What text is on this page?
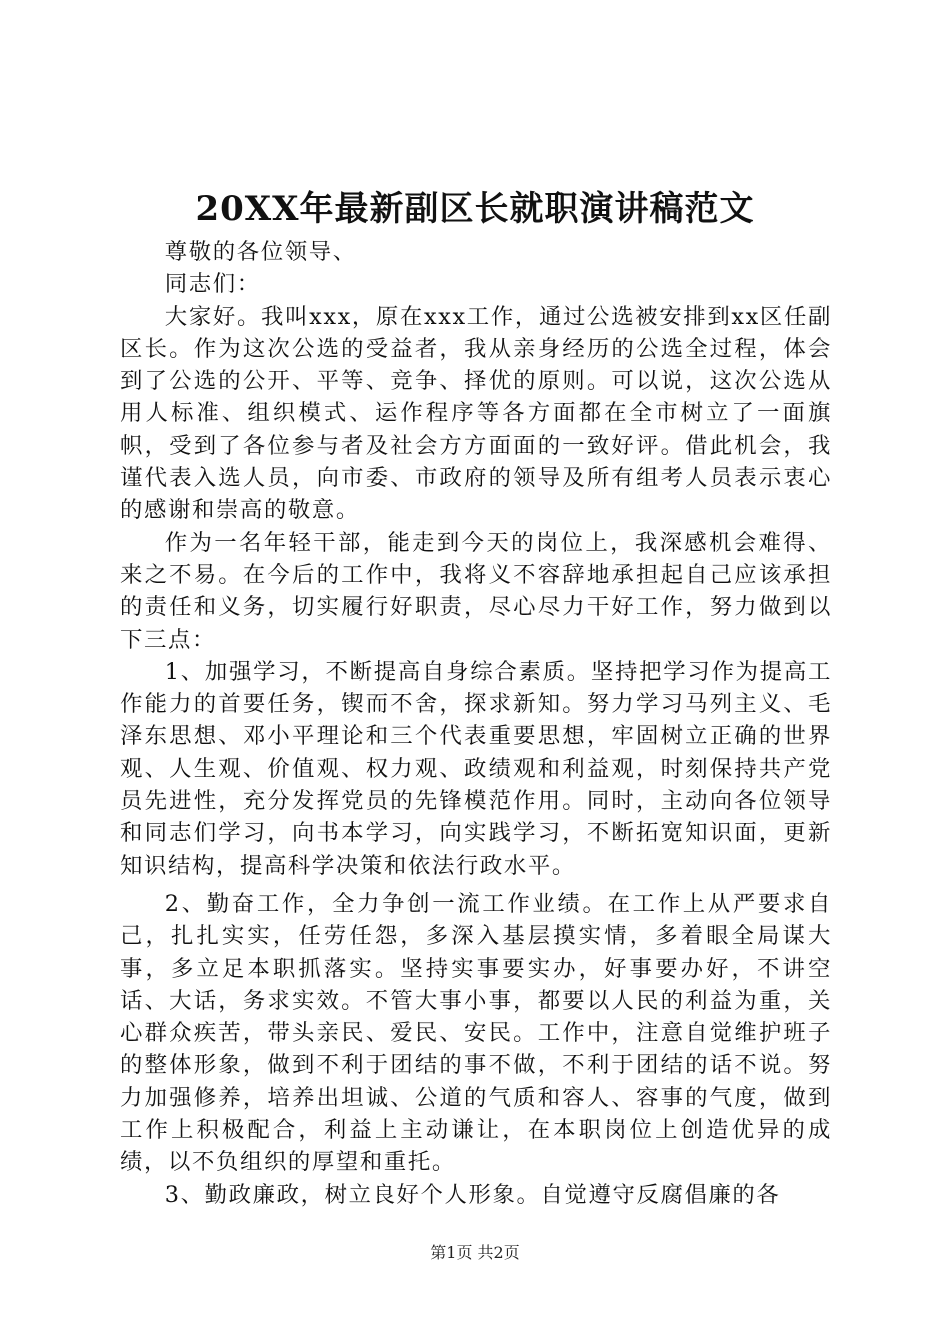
20XX年最新副区长就职演讲稿范文

尊敬的各位领导、

同志们：

大家好。我叫xxx，原在xxx工作，通过公选被安排到xx区任副区长。作为这次公选的受益者，我从亲身经历的公选全过程，体会到了公选的公开、平等、竞争、择优的原则。可以说，这次公选从用人标准、组织模式、运作程序等各方面都在全市树立了一面旗帜，受到了各位参与者及社会方方面面的一致好评。借此机会，我谨代表入选人员，向市委、市政府的领导及所有组考人员表示衷心的感谢和崇高的敬意。

作为一名年轻干部，能走到今天的岗位上，我深感机会难得、来之不易。在今后的工作中，我将义不容辞地承担起自己应该承担的责任和义务，切实履行好职责，尽心尽力干好工作，努力做到以下三点：

1、加强学习，不断提高自身综合素质。坚持把学习作为提高工作能力的首要任务，锲而不舍，探求新知。努力学习马列主义、毛泽东思想、邓小平理论和三个代表重要思想，牢固树立正确的世界观、人生观、价值观、权力观、政绩观和利益观，时刻保持共产党员先进性，充分发挥党员的先锋模范作用。同时，主动向各位领导和同志们学习，向书本学习，向实践学习，不断拓宽知识面，更新知识结构，提高科学决策和依法行政水平。

2、勤奋工作，全力争创一流工作业绩。在工作上从严要求自己，扎扎实实，任劳任怨，多深入基层摸实情，多着眼全局谋大事，多立足本职抓落实。坚持实事要实办，好事要办好，不讲空话、大话，务求实效。不管大事小事，都要以人民的利益为重，关心群众疾苦，带头亲民、爱民、安民。工作中，注意自觉维护班子的整体形象，做到不利于团结的事不做，不利于团结的话不说。努力加强修养，培养出坦诚、公道的气质和容人、容事的气度，做到工作上积极配合，利益上主动谦让，在本职岗位上创造优异的成绩，以不负组织的厚望和重托。

3、勤政廉政，树立良好个人形象。自觉遵守反腐倡廉的各

第1页 共2页
